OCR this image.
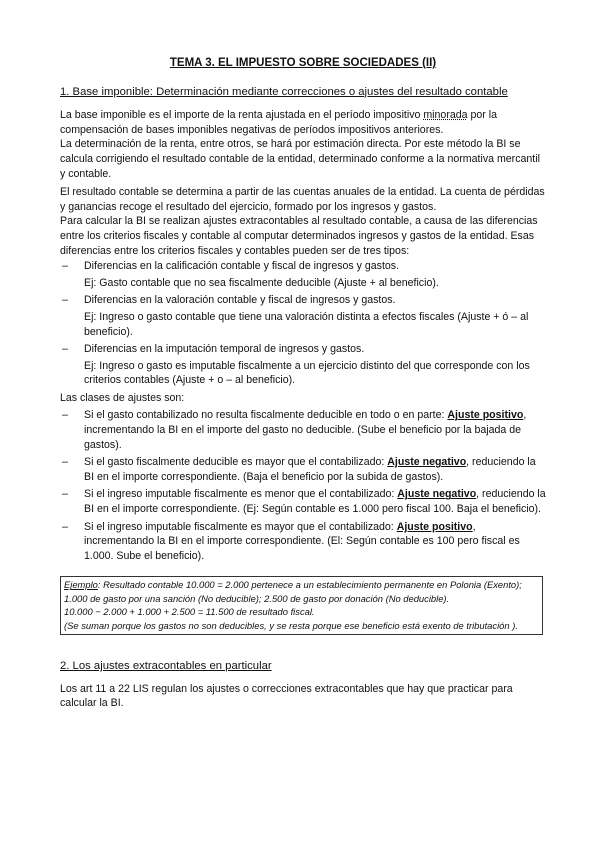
TEMA 3. EL IMPUESTO SOBRE SOCIEDADES (II)
1. Base imponible: Determinación mediante correcciones o ajustes del resultado contable

La base imponible es el importe de la renta ajustada en el período impositivo minorada por la compensación de bases imponibles negativas de períodos impositivos anteriores.

La determinación de la renta, entre otros, se hará por estimación directa. Por este método la BI se calcula corrigiendo el resultado contable de la entidad, determinado conforme a la normativa mercantil y contable.

El resultado contable se determina a partir de las cuentas anuales de la entidad. La cuenta de pérdidas y ganancias recoge el resultado del ejercicio, formado por los ingresos y gastos.

Para calcular la BI se realizan ajustes extracontables al resultado contable, a causa de las diferencias entre los criterios fiscales y contable al computar determinados ingresos y gastos de la entidad. Esas diferencias entre los criterios fiscales y contables pueden ser de tres tipos:

– Diferencias en la calificación contable y fiscal de ingresos y gastos.
Ej: Gasto contable que no sea fiscalmente deducible (Ajuste + al beneficio).
– Diferencias en la valoración contable y fiscal de ingresos y gastos.
Ej: Ingreso o gasto contable que tiene una valoración distinta a efectos fiscales (Ajuste + ó – al beneficio).
– Diferencias en la imputación temporal de ingresos y gastos.
Ej: Ingreso o gasto es imputable fiscalmente a un ejercicio distinto del que corresponde con los criterios contables (Ajuste + o – al beneficio).

Las clases de ajustes son:

– Si el gasto contabilizado no resulta fiscalmente deducible en todo o en parte: Ajuste positivo, incrementando la BI en el importe del gasto no deducible. (Sube el beneficio por la bajada de gastos).
– Si el gasto fiscalmente deducible es mayor que el contabilizado: Ajuste negativo, reduciendo la BI en el importe correspondiente. (Baja el beneficio por la subida de gastos).
– Si el ingreso imputable fiscalmente es menor que el contabilizado: Ajuste negativo, reduciendo la BI en el importe correspondiente. (Ej: Según contable es 1.000 pero fiscal 100. Baja el beneficio).
– Si el ingreso imputable fiscalmente es mayor que el contabilizado: Ajuste positivo, incrementando la BI en el importe correspondiente. (El: Según contable es 100 pero fiscal es 1.000. Sube el beneficio).
Ejemplo: Resultado contable 10.000 = 2.000 pertenece a un establecimiento permanente en Polonia (Exento); 1.000 de gasto por una sanción (No deducible); 2.500 de gasto por donación (No deducible).
10.000 − 2.000 + 1.000 + 2.500 = 11.500 de resultado fiscal.
(Se suman porque los gastos no son deducibles, y se resta porque ese beneficio está exento de tributación ).
2. Los ajustes extracontables en particular

Los art 11 a 22 LIS regulan los ajustes o correcciones extracontables que hay que practicar para calcular la BI.
